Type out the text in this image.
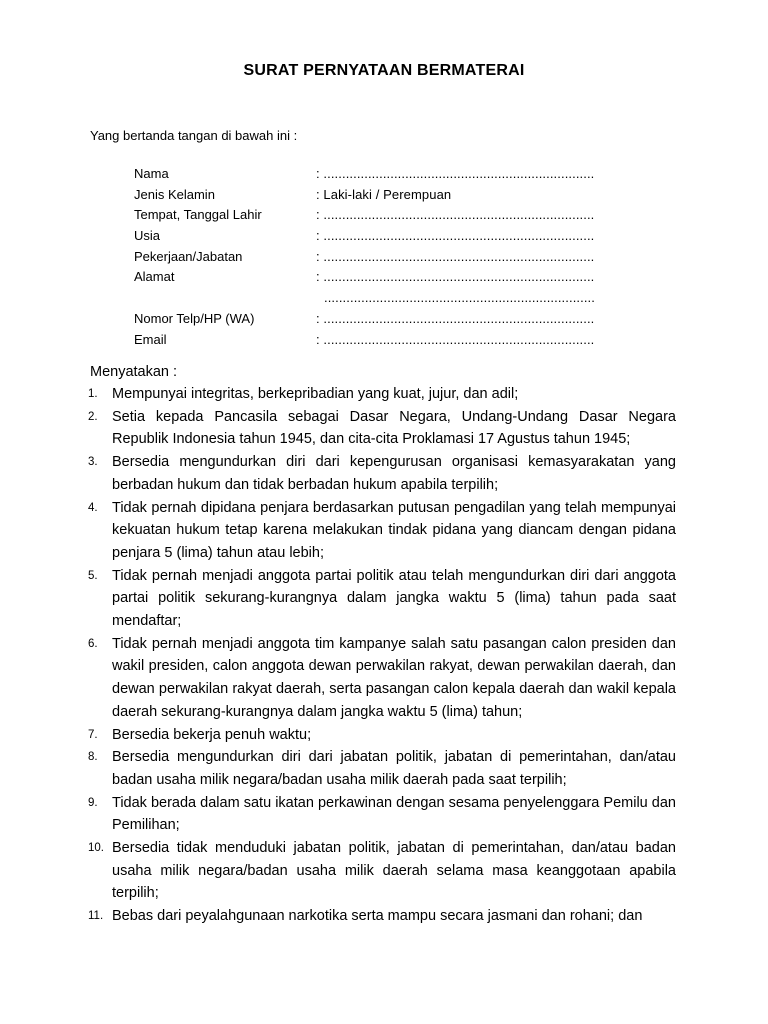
SURAT PERNYATAAN BERMATERAI
Yang bertanda tangan di bawah ini :
Nama	: .........................................................................
Jenis Kelamin	: Laki-laki / Perempuan
Tempat, Tanggal Lahir	: .........................................................................
Usia	: .........................................................................
Pekerjaan/Jabatan	: .........................................................................
Alamat	: .........................................................................
.........................................................................
Nomor Telp/HP (WA)	: .........................................................................
Email	: .........................................................................
Menyatakan :
1. Mempunyai integritas, berkepribadian yang kuat, jujur, dan adil;
2. Setia kepada Pancasila sebagai Dasar Negara, Undang-Undang Dasar Negara Republik Indonesia tahun 1945, dan cita-cita Proklamasi 17 Agustus tahun 1945;
3. Bersedia mengundurkan diri dari kepengurusan organisasi kemasyarakatan yang berbadan hukum dan tidak berbadan hukum apabila terpilih;
4. Tidak pernah dipidana penjara berdasarkan putusan pengadilan yang telah mempunyai kekuatan hukum tetap karena melakukan tindak pidana yang diancam dengan pidana penjara 5 (lima) tahun atau lebih;
5. Tidak pernah menjadi anggota partai politik atau telah mengundurkan diri dari anggota partai politik sekurang-kurangnya dalam jangka waktu 5 (lima) tahun pada saat mendaftar;
6. Tidak pernah menjadi anggota tim kampanye salah satu pasangan calon presiden dan wakil presiden, calon anggota dewan perwakilan rakyat, dewan perwakilan daerah, dan dewan perwakilan rakyat daerah, serta pasangan calon kepala daerah dan wakil kepala daerah sekurang-kurangnya dalam jangka waktu 5 (lima) tahun;
7. Bersedia bekerja penuh waktu;
8. Bersedia mengundurkan diri dari jabatan politik, jabatan di pemerintahan, dan/atau badan usaha milik negara/badan usaha milik daerah pada saat terpilih;
9. Tidak berada dalam satu ikatan perkawinan dengan sesama penyelenggara Pemilu dan Pemilihan;
10. Bersedia tidak menduduki jabatan politik, jabatan di pemerintahan, dan/atau badan usaha milik negara/badan usaha milik daerah selama masa keanggotaan apabila terpilih;
11. Bebas dari peyalahgunaan narkotika serta mampu secara jasmani dan rohani; dan
